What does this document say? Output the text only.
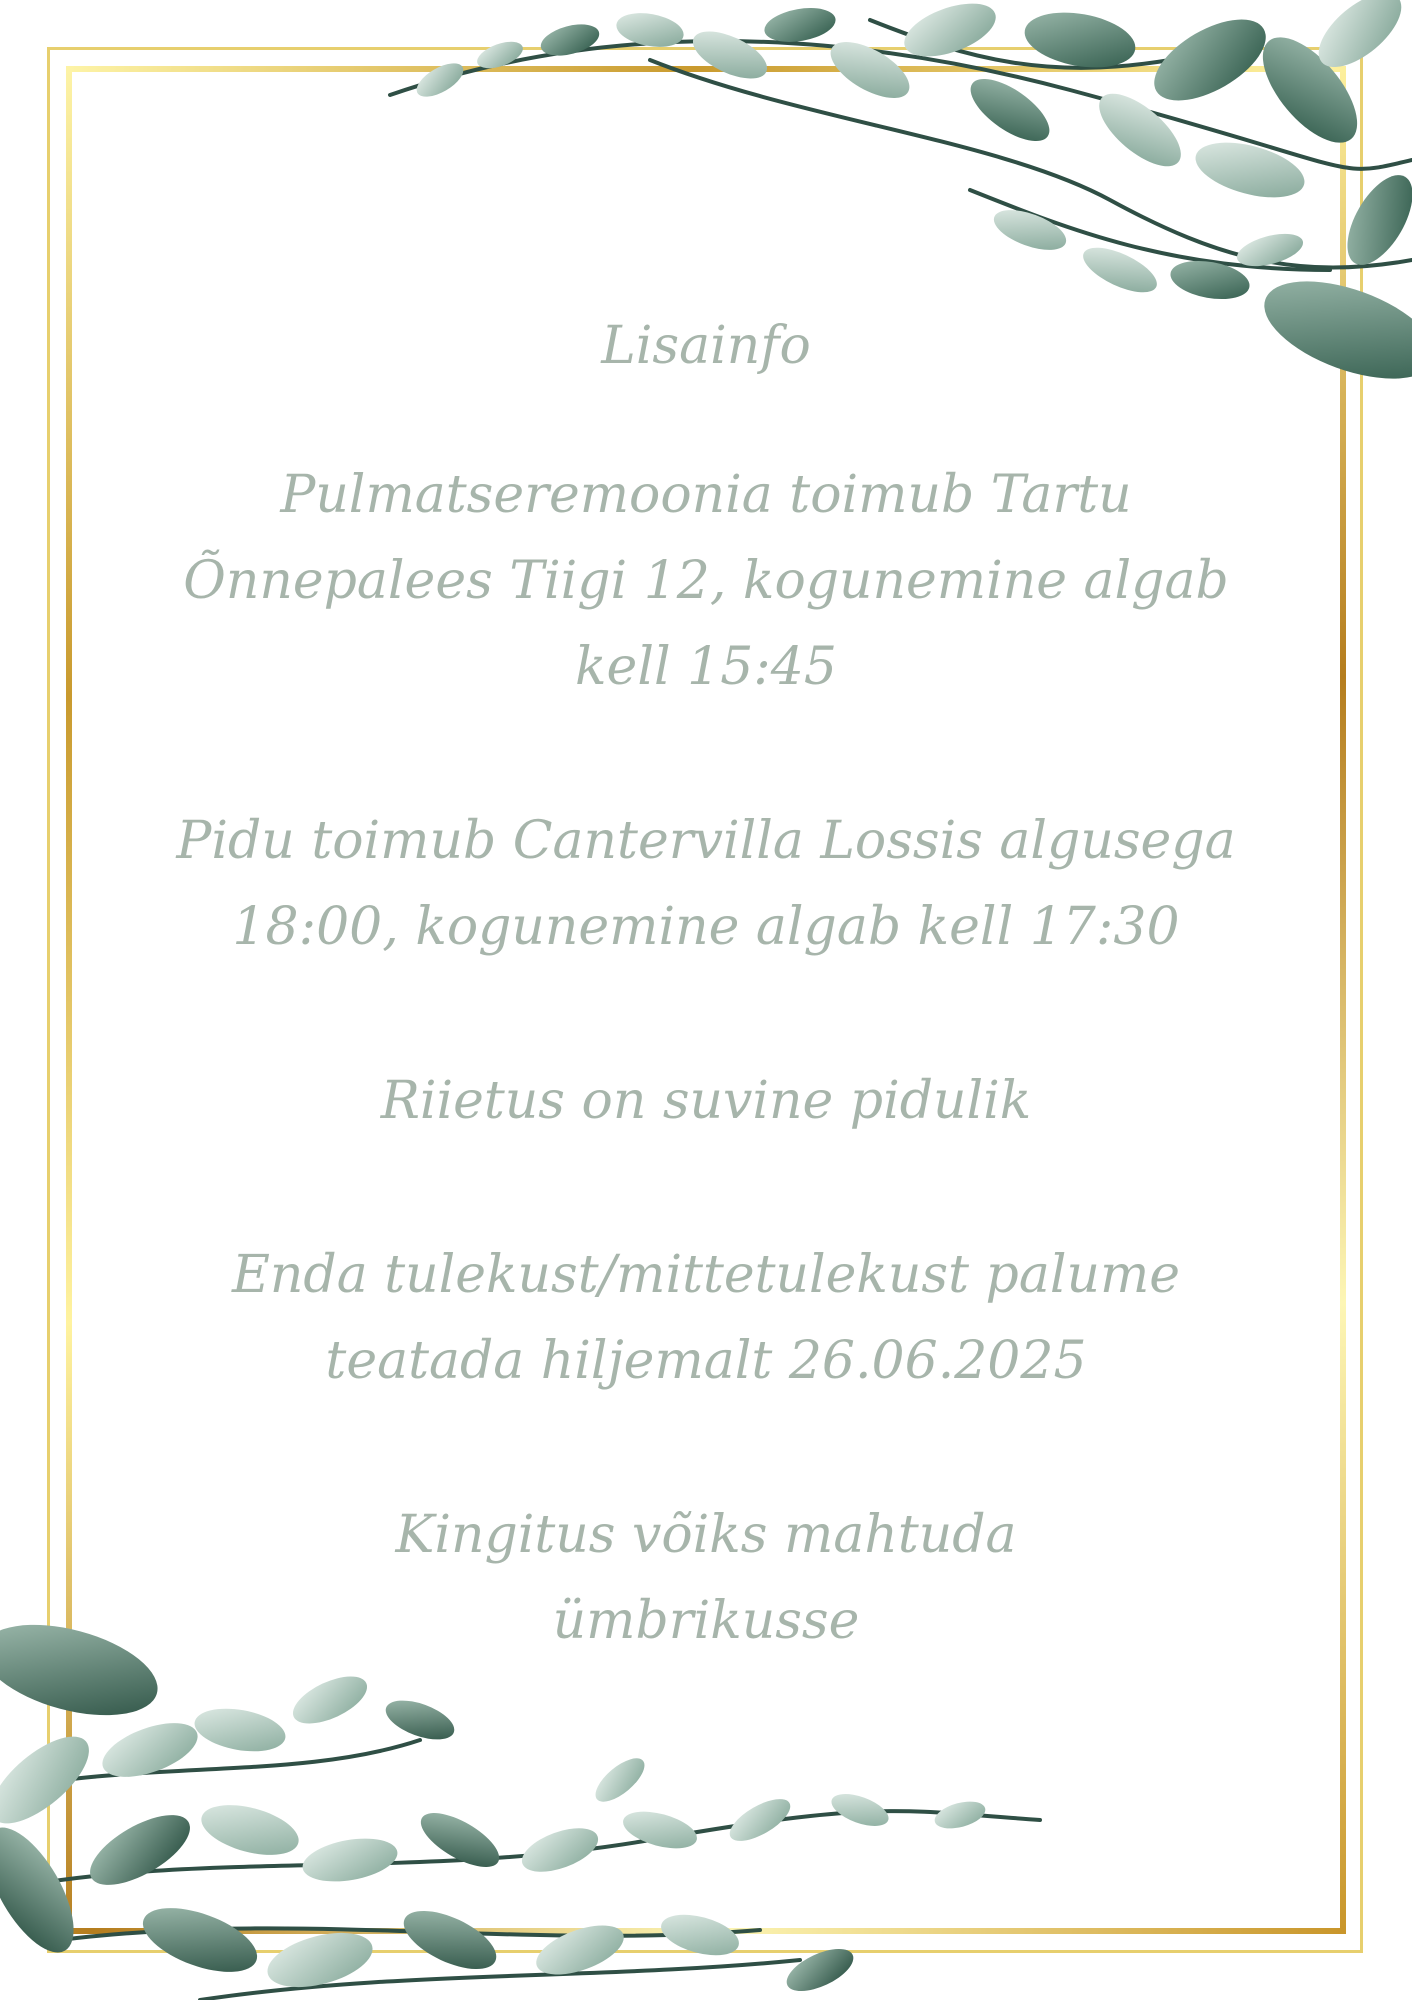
Lisainfo
Pulmatseremoonia toimub Tartu
Õnnepalees Tiigi 12, kogunemine algab
kell 15:45
Pidu toimub Cantervilla Lossis algusega
18:00, kogunemine algab kell 17:30
Riietus on suvine pidulik
Enda tulekust/mittetulekust palume
teatada hiljemalt 26.06.2025
Kingitus võiks mahtuda
ümbrikusse
